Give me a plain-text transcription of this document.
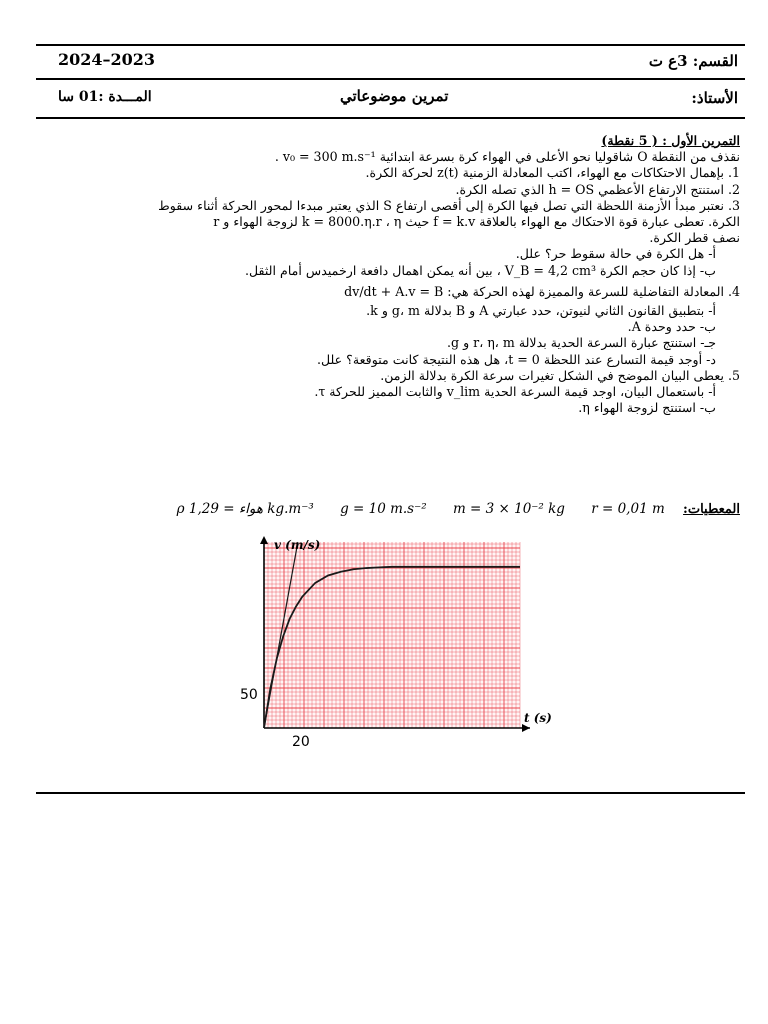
القسم: 3ع ت
2024–2023
الأستاذ:
تمرين موضوعاتي
المـــدة :01 سا
التمرين الأول : ( 5 نقطة)
نقذف من النقطة O شاقوليا نحو الأعلى في الهواء كرة بسرعة ابتدائية v₀ = 300 m.s⁻¹ .
1. بإهمال الاحتكاكات مع الهواء، اكتب المعادلة الزمنية z(t) لحركة الكرة.
2. استنتج الارتفاع الأعظمي h = OS الذي تصله الكرة.
3. نعتبر مبدأ الأزمنة اللحظة التي تصل فيها الكرة إلى أقصى ارتفاع S الذي يعتبر مبدءا لمحور الحركة أثناء سقوط
الكرة. تعطى عبارة قوة الاحتكاك مع الهواء بالعلاقة f = k.v حيث k = 8000.η.r ، η لزوجة الهواء و r
نصف قطر الكرة.
أ- هل الكرة في حالة سقوط حر؟ علل.
ب- إذا كان حجم الكرة V_B = 4,2 cm³ ، بين أنه يمكن اهمال دافعة ارخميدس أمام الثقل.
4. المعادلة التفاضلية للسرعة والمميزة لهذه الحركة هي: dv/dt + A.v = B
أ- بتطبيق القانون الثاني لنيوتن، حدد عبارتي A و B بدلالة g، m و k.
ب- حدد وحدة A.
جـ- استنتج عبارة السرعة الحدية بدلالة r، η، m و g.
د- أوجد قيمة التسارع عند اللحظة t = 0، هل هذه النتيجة كانت متوقعة؟ علل.
5. يعطى البيان الموضح في الشكل تغيرات سرعة الكرة بدلالة الزمن.
أ- باستعمال البيان، اوجد قيمة السرعة الحدية v_lim والثابت المميز للحركة τ.
ب- استنتج لزوجة الهواء η.
المعطيات: r = 0,01 m m = 3 × 10⁻² kg g = 10 m.s⁻² ρ هواء = 1,29 kg.m⁻³
v (m/s)
t (s)
50
20
